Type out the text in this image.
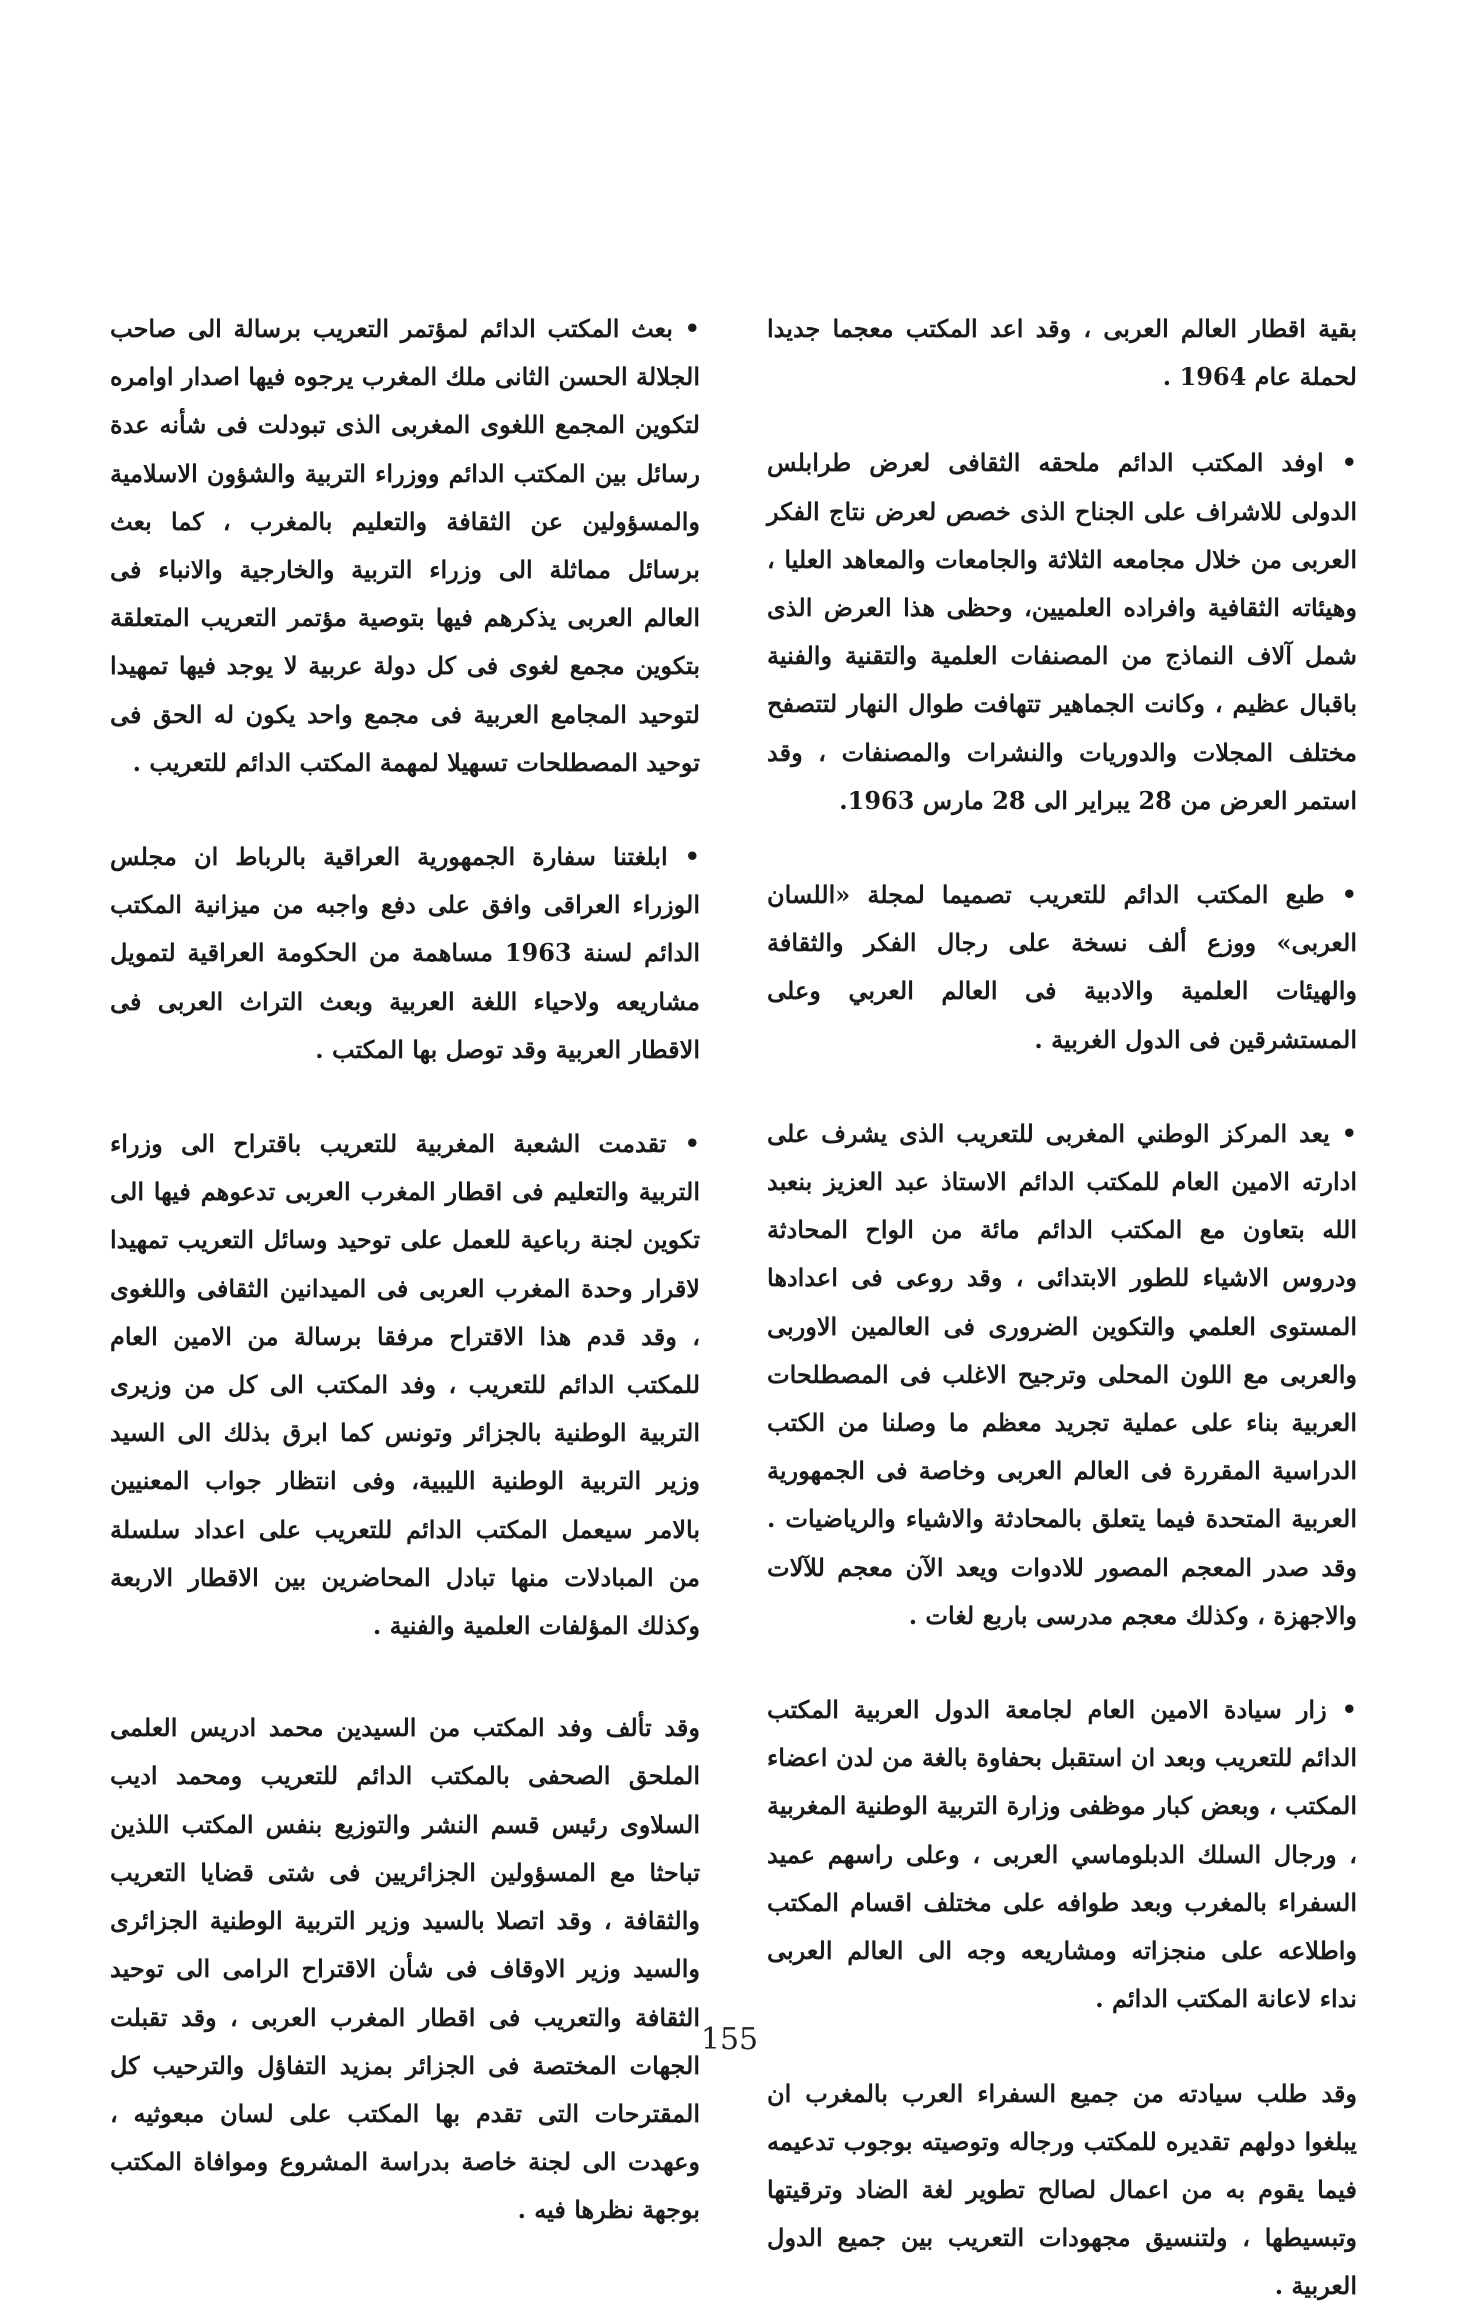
بقية اقطار العالم العربى ، وقد اعد المكتب معجما جديدا لحملة عام 1964 .

• اوفد المكتب الدائم ملحقه الثقافى لعرض طرابلس الدولى للاشراف على الجناح الذى خصص لعرض نتاج الفكر العربى من خلال مجامعه الثلاثة والجامعات والمعاهد العليا ، وهيئاته الثقافية وافراده العلميين، وحظى هذا العرض الذى شمل آلاف النماذج من المصنفات العلمية والتقنية والفنية باقبال عظيم ، وكانت الجماهير تتهافت طوال النهار لتتصفح مختلف المجلات والدوريات والنشرات والمصنفات ، وقد استمر العرض من 28 يبراير الى 28 مارس 1963.

• طبع المكتب الدائم للتعريب تصميما لمجلة «اللسان العربى» ووزع ألف نسخة على رجال الفكر والثقافة والهيئات العلمية والادبية فى العالم العربي وعلى المستشرقين فى الدول الغربية .

• يعد المركز الوطني المغربى للتعريب الذى يشرف على ادارته الامين العام للمكتب الدائم الاستاذ عبد العزيز بنعبد الله بتعاون مع المكتب الدائم مائة من الواح المحادثة ودروس الاشياء للطور الابتدائى ، وقد روعى فى اعدادها المستوى العلمي والتكوين الضرورى فى العالمين الاوربى والعربى مع اللون المحلى وترجيح الاغلب فى المصطلحات العربية بناء على عملية تجريد معظم ما وصلنا من الكتب الدراسية المقررة فى العالم العربى وخاصة فى الجمهورية العربية المتحدة فيما يتعلق بالمحادثة والاشياء والرياضيات . وقد صدر المعجم المصور للادوات ويعد الآن معجم للآلات والاجهزة ، وكذلك معجم مدرسى باربع لغات .

• زار سيادة الامين العام لجامعة الدول العربية المكتب الدائم للتعريب وبعد ان استقبل بحفاوة بالغة من لدن اعضاء المكتب ، وبعض كبار موظفى وزارة التربية الوطنية المغربية ، ورجال السلك الدبلوماسي العربى ، وعلى راسهم عميد السفراء بالمغرب وبعد طوافه على مختلف اقسام المكتب واطلاعه على منجزاته ومشاريعه وجه الى العالم العربى نداء لاعانة المكتب الدائم .

وقد طلب سيادته من جميع السفراء العرب بالمغرب ان يبلغوا دولهم تقديره للمكتب ورجاله وتوصيته بوجوب تدعيمه فيما يقوم به من اعمال لصالح تطوير لغة الضاد وترقيتها وتبسيطها ، ولتنسيق مجهودات التعريب بين جميع الدول العربية .

• بعث المكتب الدائم لمؤتمر التعريب برسالة الى صاحب الجلالة الحسن الثانى ملك المغرب يرجوه فيها اصدار اوامره لتكوين المجمع اللغوى المغربى الذى تبودلت فى شأنه عدة رسائل بين المكتب الدائم ووزراء التربية والشؤون الاسلامية والمسؤولين عن الثقافة والتعليم بالمغرب ، كما بعث برسائل مماثلة الى وزراء التربية والخارجية والانباء فى العالم العربى يذكرهم فيها بتوصية مؤتمر التعريب المتعلقة بتكوين مجمع لغوى فى كل دولة عربية لا يوجد فيها تمهيدا لتوحيد المجامع العربية فى مجمع واحد يكون له الحق فى توحيد المصطلحات تسهيلا لمهمة المكتب الدائم للتعريب .

• ابلغتنا سفارة الجمهورية العراقية بالرباط ان مجلس الوزراء العراقى وافق على دفع واجبه من ميزانية المكتب الدائم لسنة 1963 مساهمة من الحكومة العراقية لتمويل مشاريعه ولاحياء اللغة العربية وبعث التراث العربى فى الاقطار العربية وقد توصل بها المكتب .

• تقدمت الشعبة المغربية للتعريب باقتراح الى وزراء التربية والتعليم فى اقطار المغرب العربى تدعوهم فيها الى تكوين لجنة رباعية للعمل على توحيد وسائل التعريب تمهيدا لاقرار وحدة المغرب العربى فى الميدانين الثقافى واللغوى ، وقد قدم هذا الاقتراح مرفقا برسالة من الامين العام للمكتب الدائم للتعريب ، وفد المكتب الى كل من وزيرى التربية الوطنية بالجزائر وتونس كما ابرق بذلك الى السيد وزير التربية الوطنية الليبية، وفى انتظار جواب المعنيين بالامر سيعمل المكتب الدائم للتعريب على اعداد سلسلة من المبادلات منها تبادل المحاضرين بين الاقطار الاربعة وكذلك المؤلفات العلمية والفنية .

وقد تألف وفد المكتب من السيدين محمد ادريس العلمى الملحق الصحفى بالمكتب الدائم للتعريب ومحمد اديب السلاوى رئيس قسم النشر والتوزيع بنفس المكتب اللذين تباحثا مع المسؤولين الجزائريين فى شتى قضايا التعريب والثقافة ، وقد اتصلا بالسيد وزير التربية الوطنية الجزائرى والسيد وزير الاوقاف فى شأن الاقتراح الرامى الى توحيد الثقافة والتعريب فى اقطار المغرب العربى ، وقد تقبلت الجهات المختصة فى الجزائر بمزيد التفاؤل والترحيب كل المقترحات التى تقدم بها المكتب على لسان مبعوثيه ، وعهدت الى لجنة خاصة بدراسة المشروع وموافاة المكتب بوجهة نظرها فيه .

155
